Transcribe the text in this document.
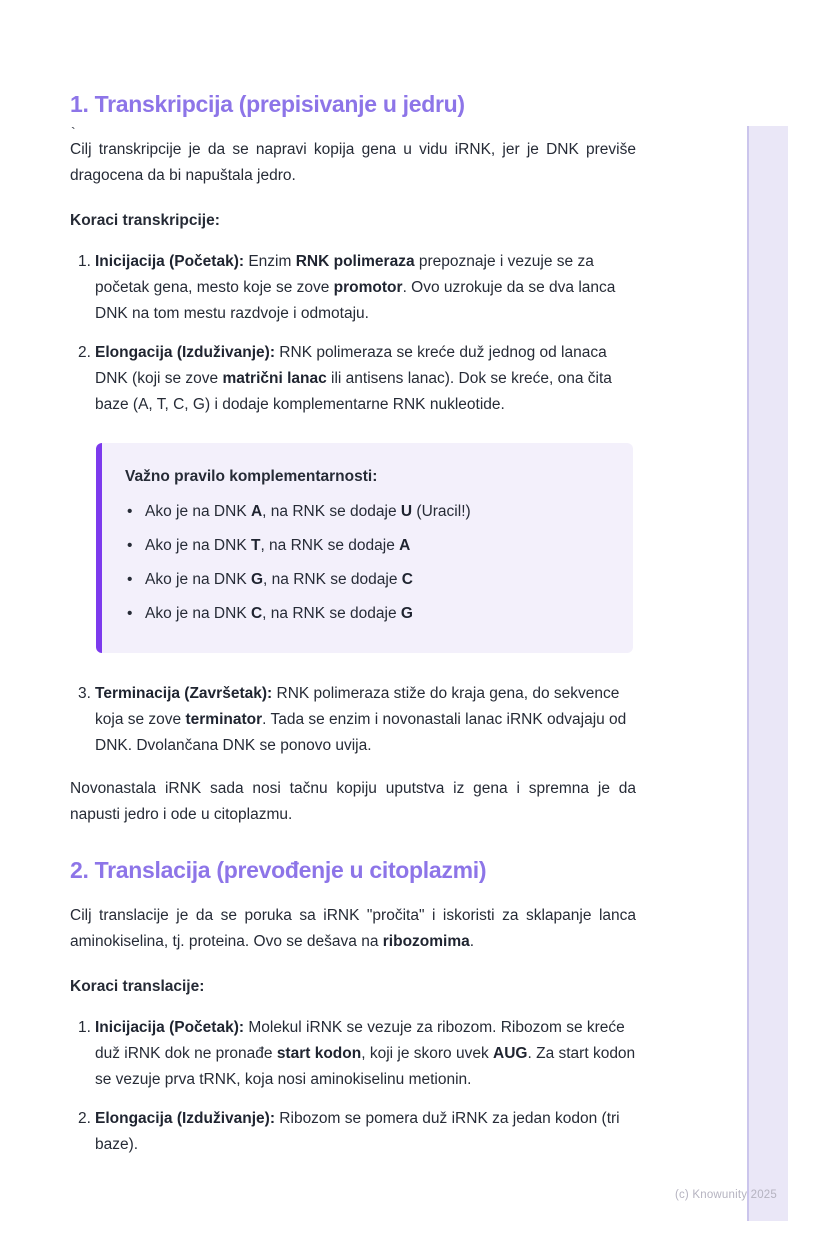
`
(c) Knowunity 2025
1. Transkripcija (prepisivanje u jedru)

Cilj transkripcije je da se napravi kopija gena u vidu iRNK, jer je DNK previše dragocena da bi napuštala jedro.

Koraci transkripcije:

1. Inicijacija (Početak): Enzim RNK polimeraza prepoznaje i vezuje se za početak gena, mesto koje se zove promotor. Ovo uzrokuje da se dva lanca DNK na tom mestu razdvoje i odmotaju.
2. Elongacija (Izduživanje): RNK polimeraza se kreće duž jednog od lanaca DNK (koji se zove matrični lanac ili antisens lanac). Dok se kreće, ona čita baze (A, T, C, G) i dodaje komplementarne RNK nukleotide.
Važno pravilo komplementarnosti:
• Ako je na DNK A, na RNK se dodaje U (Uracil!)
• Ako je na DNK T, na RNK se dodaje A
• Ako je na DNK G, na RNK se dodaje C
• Ako je na DNK C, na RNK se dodaje G
3. Terminacija (Završetak): RNK polimeraza stiže do kraja gena, do sekvence koja se zove terminator. Tada se enzim i novonastali lanac iRNK odvajaju od DNK. Dvolančana DNK se ponovo uvija.

Novonastala iRNK sada nosi tačnu kopiju uputstva iz gena i spremna je da napusti jedro i ode u citoplazmu.

2. Translacija (prevođenje u citoplazmi)

Cilj translacije je da se poruka sa iRNK "pročita" i iskoristi za sklapanje lanca aminokiselina, tj. proteina. Ovo se dešava na ribozomima.

Koraci translacije:

1. Inicijacija (Početak): Molekul iRNK se vezuje za ribozom. Ribozom se kreće duž iRNK dok ne pronađe start kodon, koji je skoro uvek AUG. Za start kodon se vezuje prva tRNK, koja nosi aminokiselinu metionin.
2. Elongacija (Izduživanje): Ribozom se pomera duž iRNK za jedan kodon (tri baze).
